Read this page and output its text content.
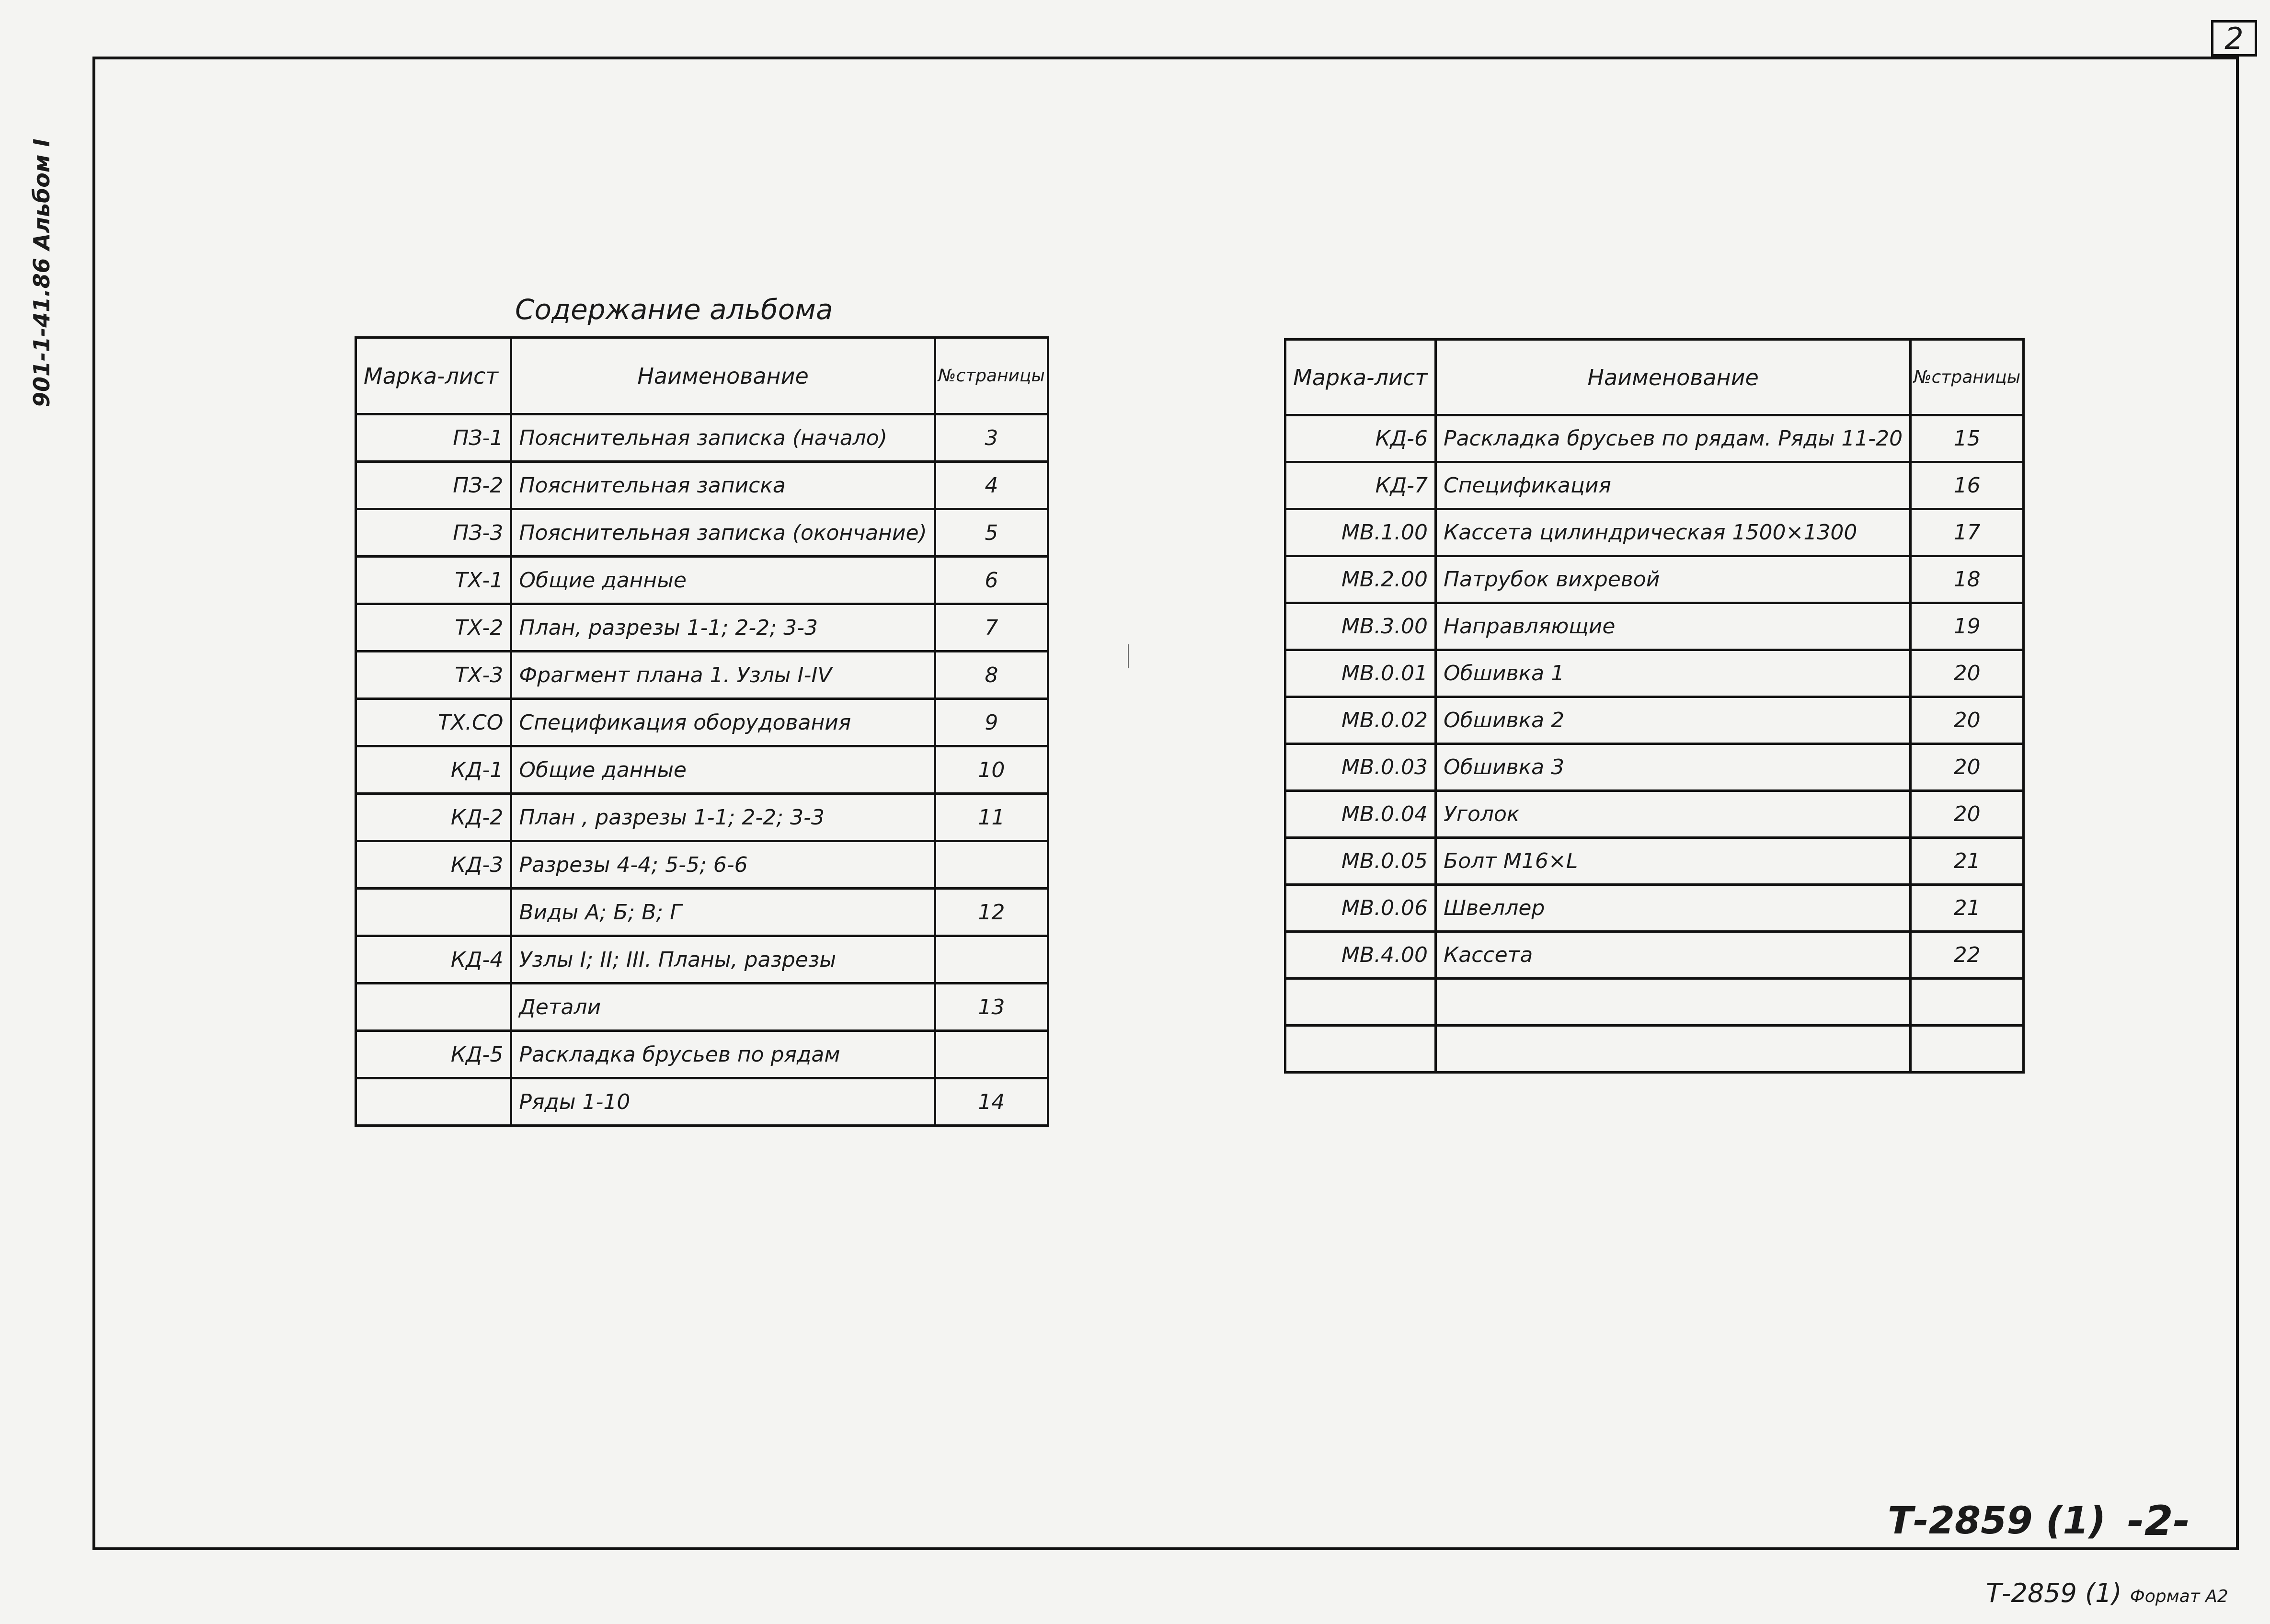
2
901-1-41.86 Альбом I	Содержание альбома
Марка-лист	Наименование	№страницы
ПЗ-1	Пояснительная записка (начало)	3
ПЗ-2	Пояснительная записка	4
ПЗ-3	Пояснительная записка (окончание)	5
ТХ-1	Общие данные	6
ТХ-2	План, разрезы 1-1; 2-2; 3-3	7
ТХ-3	Фрагмент плана 1. Узлы I-IV	8
ТХ.СО	Спецификация оборудования	9
КД-1	Общие данные	10
КД-2	План , разрезы 1-1; 2-2; 3-3	11
КД-3	Разрезы 4-4; 5-5; 6-6	
	Виды А; Б; В; Г	12
КД-4	Узлы I; II; III. Планы, разрезы	
	Детали	13
КД-5	Раскладка брусьев по рядам	
	Ряды 1-10	14
Марка-лист	Наименование	№страницы
КД-6	Раскладка брусьев по рядам. Ряды 11-20	15
КД-7	Спецификация	16
МВ.1.00	Кассета цилиндрическая 1500×1300	17
МВ.2.00	Патрубок вихревой	18
МВ.3.00	Направляющие	19
МВ.0.01	Обшивка 1	20
МВ.0.02	Обшивка 2	20
МВ.0.03	Обшивка 3	20
МВ.0.04	Уголок	20
МВ.0.05	Болт М16×L	21
МВ.0.06	Швеллер	21
МВ.4.00	Кассета	22

Т-2859 (1) -2-
Т-2859 (1) Формат А2
